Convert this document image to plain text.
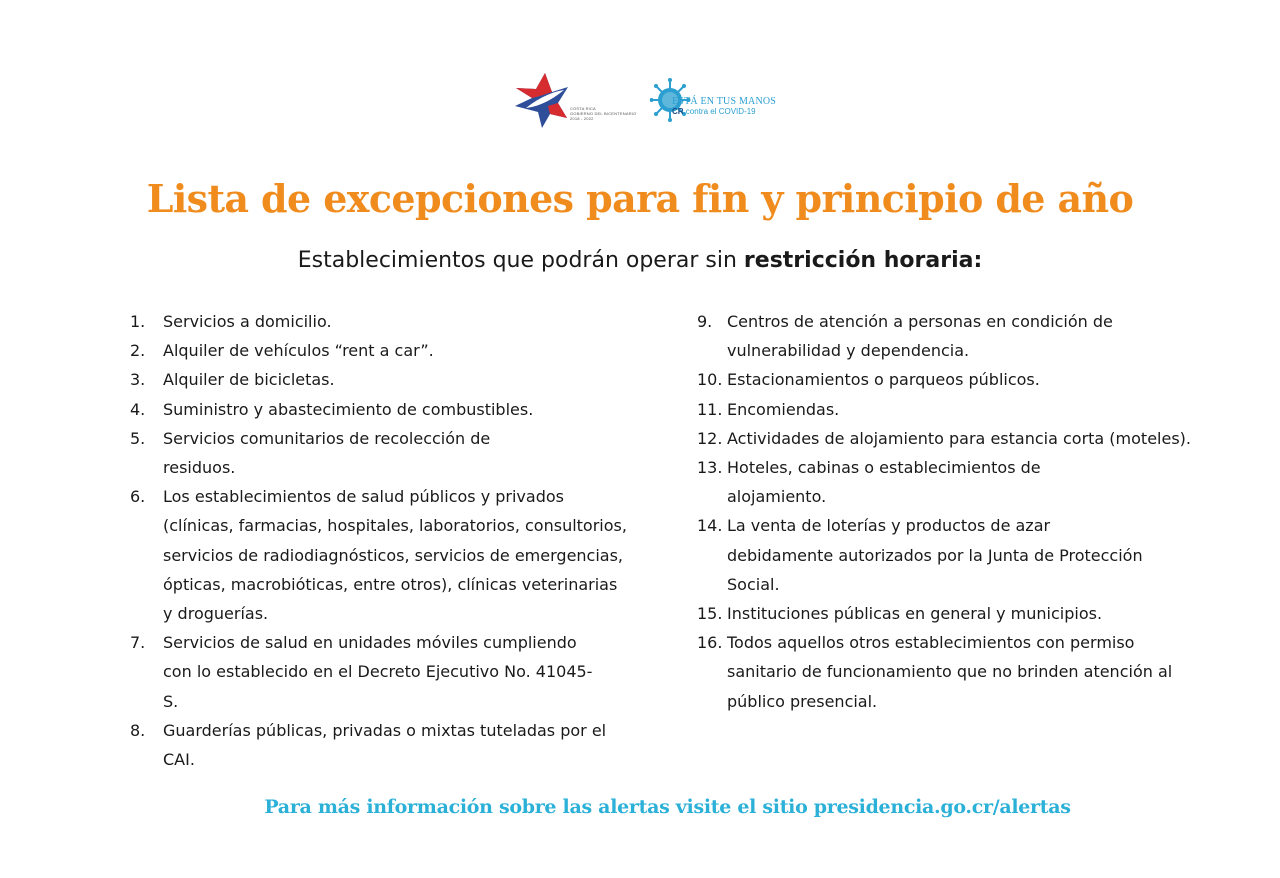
COSTA RICA
GOBIERNO DEL BICENTENARIO
2018 - 2022
ESTÁ EN TUS MANOS
CR contra el COVID-19
Lista de excepciones para fin y principio de año
Establecimientos que podrán operar sin restricción horaria:
1. Servicios a domicilio.
2. Alquiler de vehículos “rent a car”.
3. Alquiler de bicicletas.
4. Suministro y abastecimiento de combustibles.
5. Servicios comunitarios de recolección de residuos.
6. Los establecimientos de salud públicos y privados (clínicas, farmacias, hospitales, laboratorios, consultorios, servicios de radiodiagnósticos, servicios de emergencias, ópticas, macrobióticas, entre otros), clínicas veterinarias y droguerías.
7. Servicios de salud en unidades móviles cumpliendo con lo establecido en el Decreto Ejecutivo No. 41045-S.
8. Guarderías públicas, privadas o mixtas tuteladas por el CAI.
9. Centros de atención a personas en condición de vulnerabilidad y dependencia.
10. Estacionamientos o parqueos públicos.
11. Encomiendas.
12. Actividades de alojamiento para estancia corta (moteles).
13. Hoteles, cabinas o establecimientos de alojamiento.
14. La venta de loterías y productos de azar debidamente autorizados por la Junta de Protección Social.
15. Instituciones públicas en general y municipios.
16. Todos aquellos otros establecimientos con permiso sanitario de funcionamiento que no brinden atención al público presencial.
Para más información sobre las alertas visite el sitio presidencia.go.cr/alertas
